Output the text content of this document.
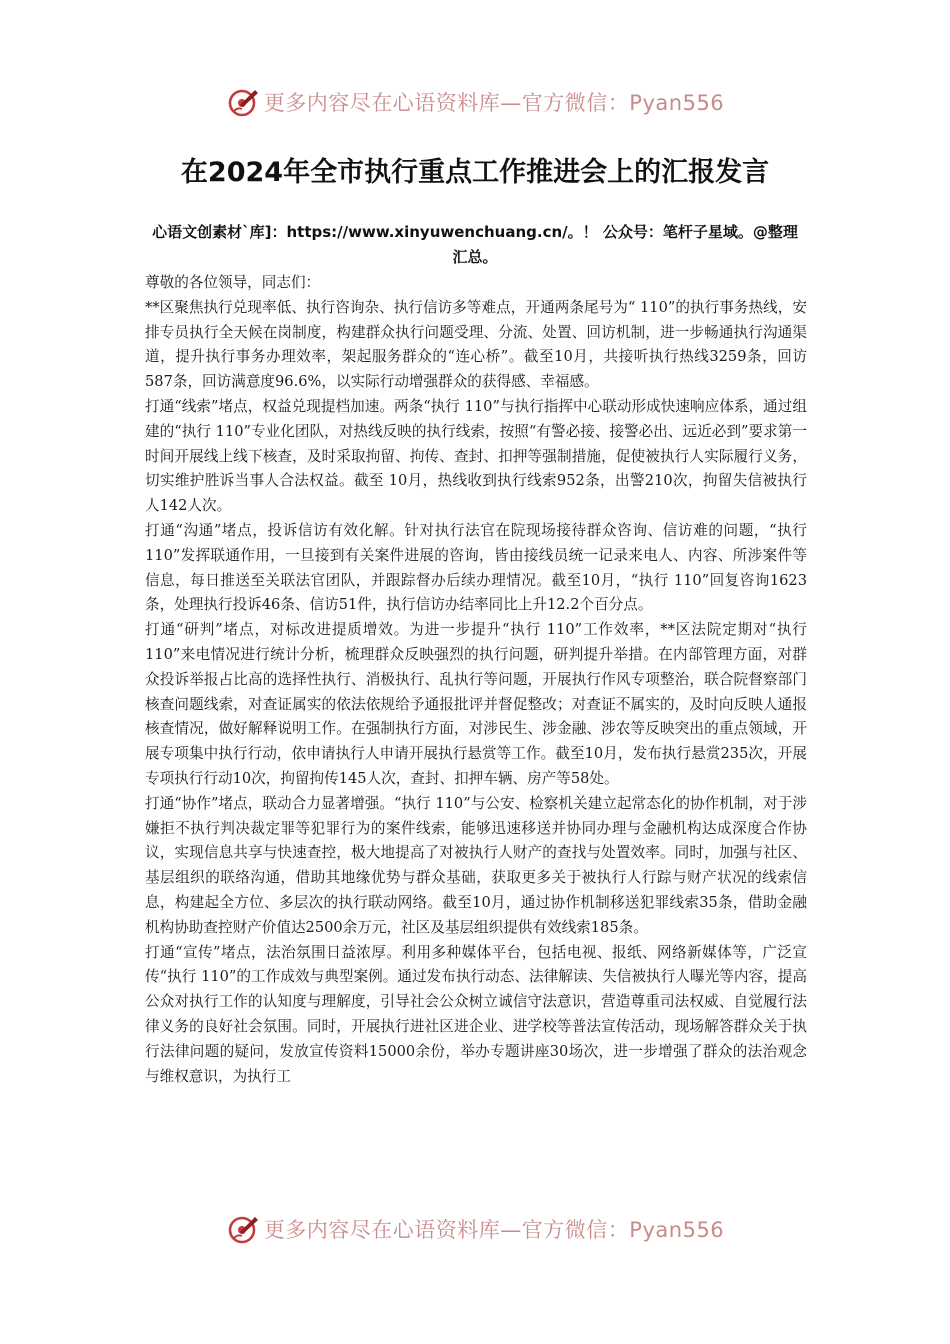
更多内容尽在心语资料库—官方微信：Pyan556
在2024年全市执行重点工作推进会上的汇报发言

心语文创素材`库]：https://www.xinyuwenchuang.cn/。！ 公众号：笔杆子星域。@整理汇总。

尊敬的各位领导，同志们：

**区聚焦执行兑现率低、执行咨询杂、执行信访多等难点，开通两条尾号为“ 110”的执行事务热线，安排专员执行全天候在岗制度，构建群众执行问题受理、分流、处置、回访机制，进一步畅通执行沟通渠道，提升执行事务办理效率，架起服务群众的“连心桥”。截至10月，共接听执行热线3259条，回访587条，回访满意度96.6%，以实际行动增强群众的获得感、幸福感。

打通“线索”堵点，权益兑现提档加速。两条“执行 110”与执行指挥中心联动形成快速响应体系，通过组建的“执行 110”专业化团队，对热线反映的执行线索，按照“有警必接、接警必出、远近必到”要求第一时间开展线上线下核查，及时采取拘留、拘传、查封、扣押等强制措施，促使被执行人实际履行义务，切实维护胜诉当事人合法权益。截至 10月，热线收到执行线索952条，出警210次，拘留失信被执行人142人次。

打通“沟通”堵点，投诉信访有效化解。针对执行法官在院现场接待群众咨询、信访难的问题，“执行 110”发挥联通作用，一旦接到有关案件进展的咨询，皆由接线员统一记录来电人、内容、所涉案件等信息，每日推送至关联法官团队，并跟踪督办后续办理情况。截至10月，“执行 110”回复咨询1623条，处理执行投诉46条、信访51件，执行信访办结率同比上升12.2个百分点。

打通“研判”堵点，对标改进提质增效。为进一步提升“执行 110”工作效率，**区法院定期对“执行 110”来电情况进行统计分析，梳理群众反映强烈的执行问题，研判提升举措。在内部管理方面，对群众投诉举报占比高的选择性执行、消极执行、乱执行等问题，开展执行作风专项整治，联合院督察部门核查问题线索，对查证属实的依法依规给予通报批评并督促整改；对查证不属实的，及时向反映人通报核查情况，做好解释说明工作。在强制执行方面，对涉民生、涉金融、涉农等反映突出的重点领域，开展专项集中执行行动，依申请执行人申请开展执行悬赏等工作。截至10月，发布执行悬赏235次，开展专项执行行动10次，拘留拘传145人次，查封、扣押车辆、房产等58处。

打通“协作”堵点，联动合力显著增强。“执行 110”与公安、检察机关建立起常态化的协作机制，对于涉嫌拒不执行判决裁定罪等犯罪行为的案件线索，能够迅速移送并协同办理与金融机构达成深度合作协议，实现信息共享与快速查控，极大地提高了对被执行人财产的查找与处置效率。同时，加强与社区、基层组织的联络沟通，借助其地缘优势与群众基础，获取更多关于被执行人行踪与财产状况的线索信息，构建起全方位、多层次的执行联动网络。截至10月，通过协作机制移送犯罪线索35条，借助金融机构协助查控财产价值达2500余万元，社区及基层组织提供有效线索185条。

打通“宣传”堵点，法治氛围日益浓厚。利用多种媒体平台，包括电视、报纸、网络新媒体等，广泛宣传“执行 110”的工作成效与典型案例。通过发布执行动态、法律解读、失信被执行人曝光等内容，提高公众对执行工作的认知度与理解度，引导社会公众树立诚信守法意识，营造尊重司法权威、自觉履行法律义务的良好社会氛围。同时，开展执行进社区进企业、进学校等普法宣传活动，现场解答群众关于执行法律问题的疑问，发放宣传资料15000余份，举办专题讲座30场次，进一步增强了群众的法治观念与维权意识，为执行工

更多内容尽在心语资料库—官方微信：Pyan556
